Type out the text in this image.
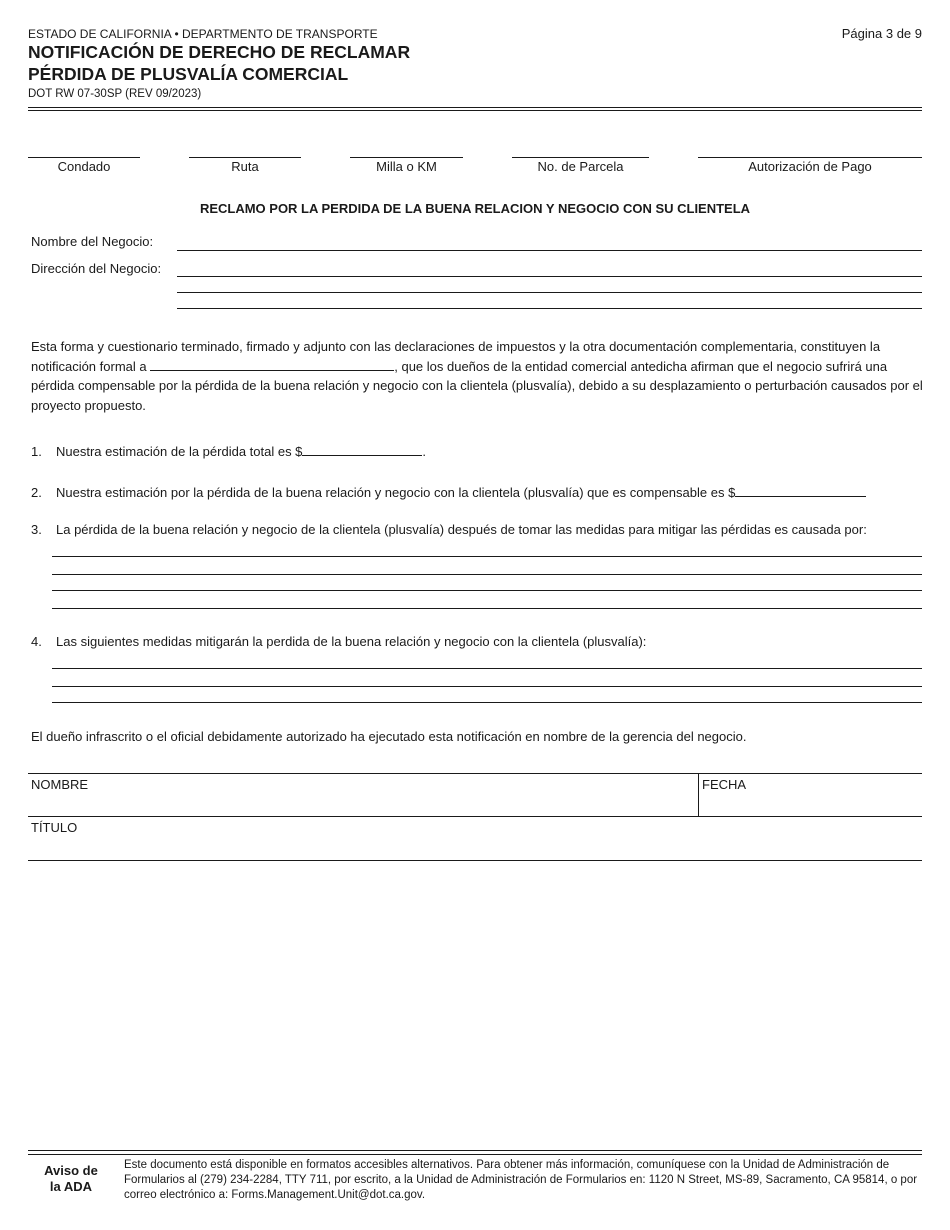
ESTADO DE CALIFORNIA • DEPARTMENTO DE TRANSPORTE
NOTIFICACIÓN DE DERECHO DE RECLAMAR
PÉRDIDA DE PLUSVALÍA COMERCIAL
DOT RW 07-30SP (REV 09/2023)
Página 3 de 9
Condado	Ruta	Milla o KM	No. de Parcela	Autorización de Pago
RECLAMO POR LA PERDIDA DE LA BUENA RELACION Y NEGOCIO CON SU CLIENTELA
Nombre del Negocio:
Dirección del Negocio:
Esta forma y cuestionario terminado, firmado y adjunto con las declaraciones de impuestos y la otra documentación complementaria, constituyen la notificación formal a	, que los dueños de la entidad comercial antedicha afirman que el negocio sufrirá una pérdida compensable por la pérdida de la buena relación y negocio con la clientela (plusvalía), debido a su desplazamiento o perturbación causados por el proyecto propuesto.
1. Nuestra estimación de la pérdida total es $	.
2. Nuestra estimación por la pérdida de la buena relación y negocio con la clientela (plusvalía) que es compensable es $
3. La pérdida de la buena relación y negocio de la clientela (plusvalía) después de tomar las medidas para mitigar las pérdidas es causada por:
4. Las siguientes medidas mitigarán la perdida de la buena relación y negocio con la clientela (plusvalía):
El dueño infrascrito o el oficial debidamente autorizado ha ejecutado esta notificación en nombre de la gerencia del negocio.
NOMBRE	FECHA
TÍTULO
Aviso de
la ADA
Este documento está disponible en formatos accesibles alternativos. Para obtener más información, comuníquese con la Unidad de Administración de Formularios al (279) 234-2284, TTY 711, por escrito, a la Unidad de Administración de Formularios en: 1120 N Street, MS-89, Sacramento, CA 95814, o por correo electrónico a: Forms.Management.Unit@dot.ca.gov.
